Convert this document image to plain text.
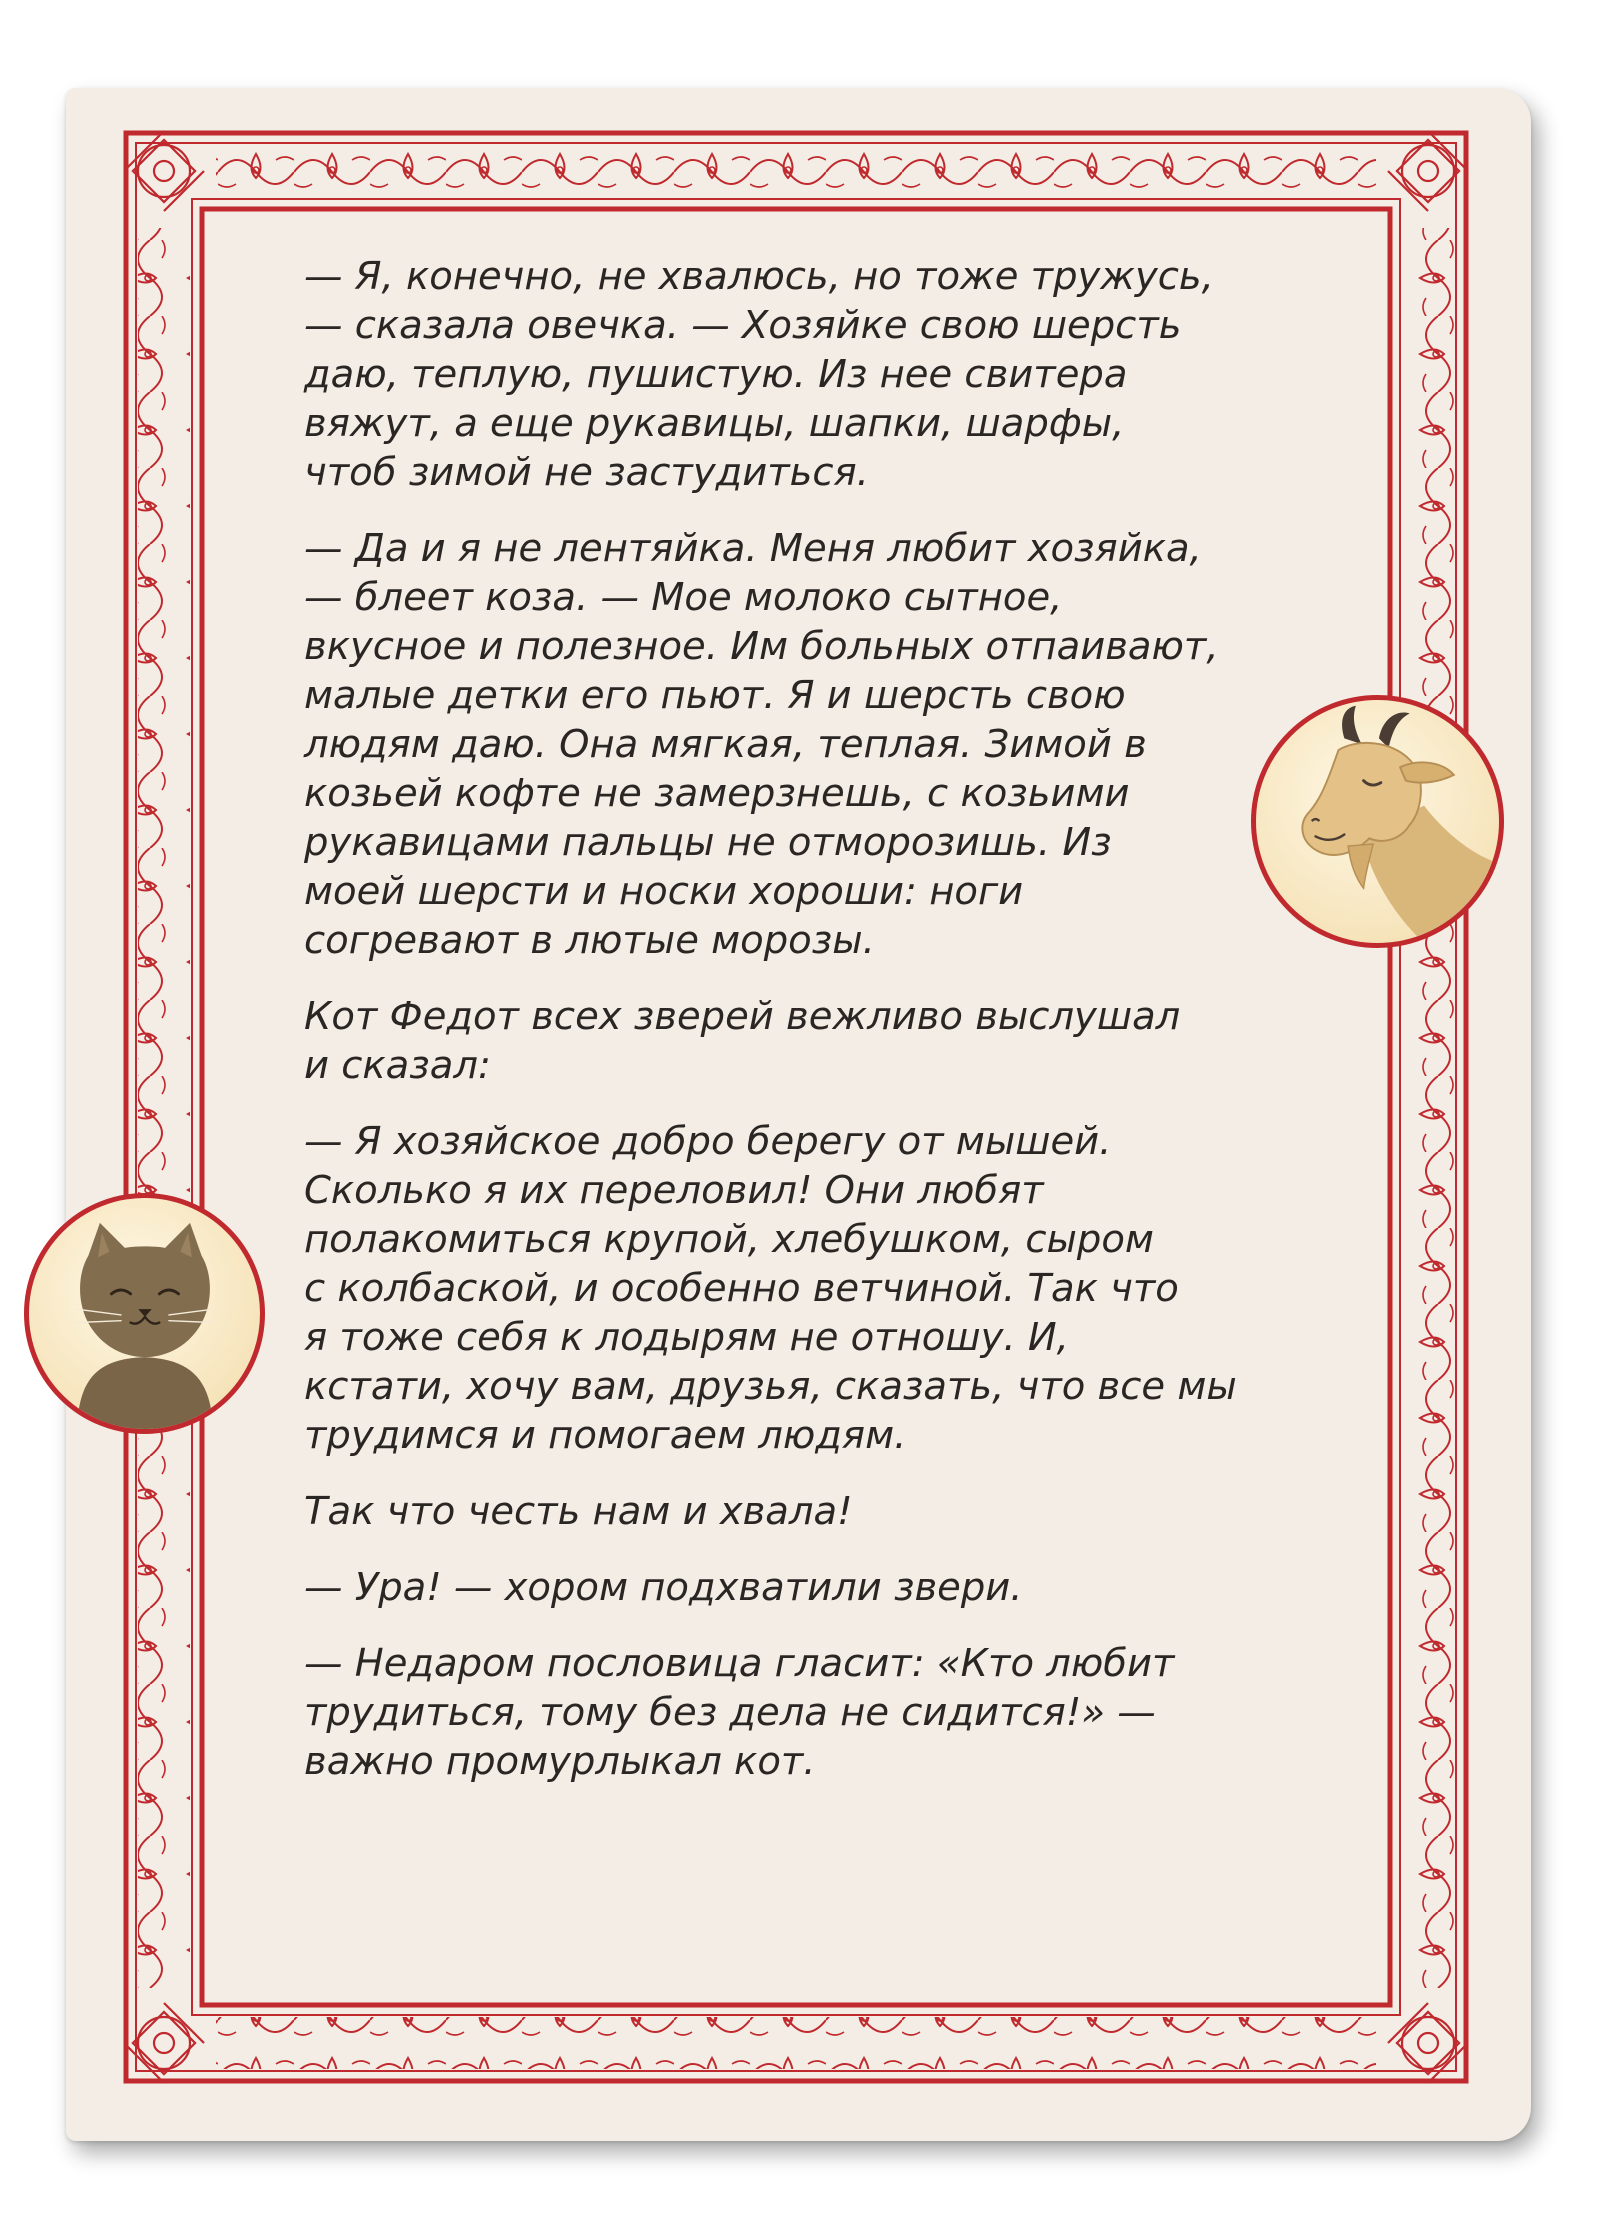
— Я, конечно, не хвалюсь, но тоже тружусь,
— сказала овечка. — Хозяйке свою шерсть
даю, теплую, пушистую. Из нее свитера
вяжут, а еще рукавицы, шапки, шарфы,
чтоб зимой не застудиться.

— Да и я не лентяйка. Меня любит хозяйка,
— блеет коза. — Мое молоко сытное,
вкусное и полезное. Им больных отпаивают,
малые детки его пьют. Я и шерсть свою
людям даю. Она мягкая, теплая. Зимой в
козьей кофте не замерзнешь, с козьими
рукавицами пальцы не отморозишь. Из
моей шерсти и носки хороши: ноги
согревают в лютые морозы.

Кот Федот всех зверей вежливо выслушал
и сказал:

— Я хозяйское добро берегу от мышей.
Сколько я их переловил! Они любят
полакомиться крупой, хлебушком, сыром
с колбаской, и особенно ветчиной. Так что
я тоже себя к лодырям не отношу. И,
кстати, хочу вам, друзья, сказать, что все мы
трудимся и помогаем людям.

Так что честь нам и хвала!

— Ура! — хором подхватили звери.

— Недаром пословица гласит: «Кто любит
трудиться, тому без дела не сидится!» —
важно промурлыкал кот.
